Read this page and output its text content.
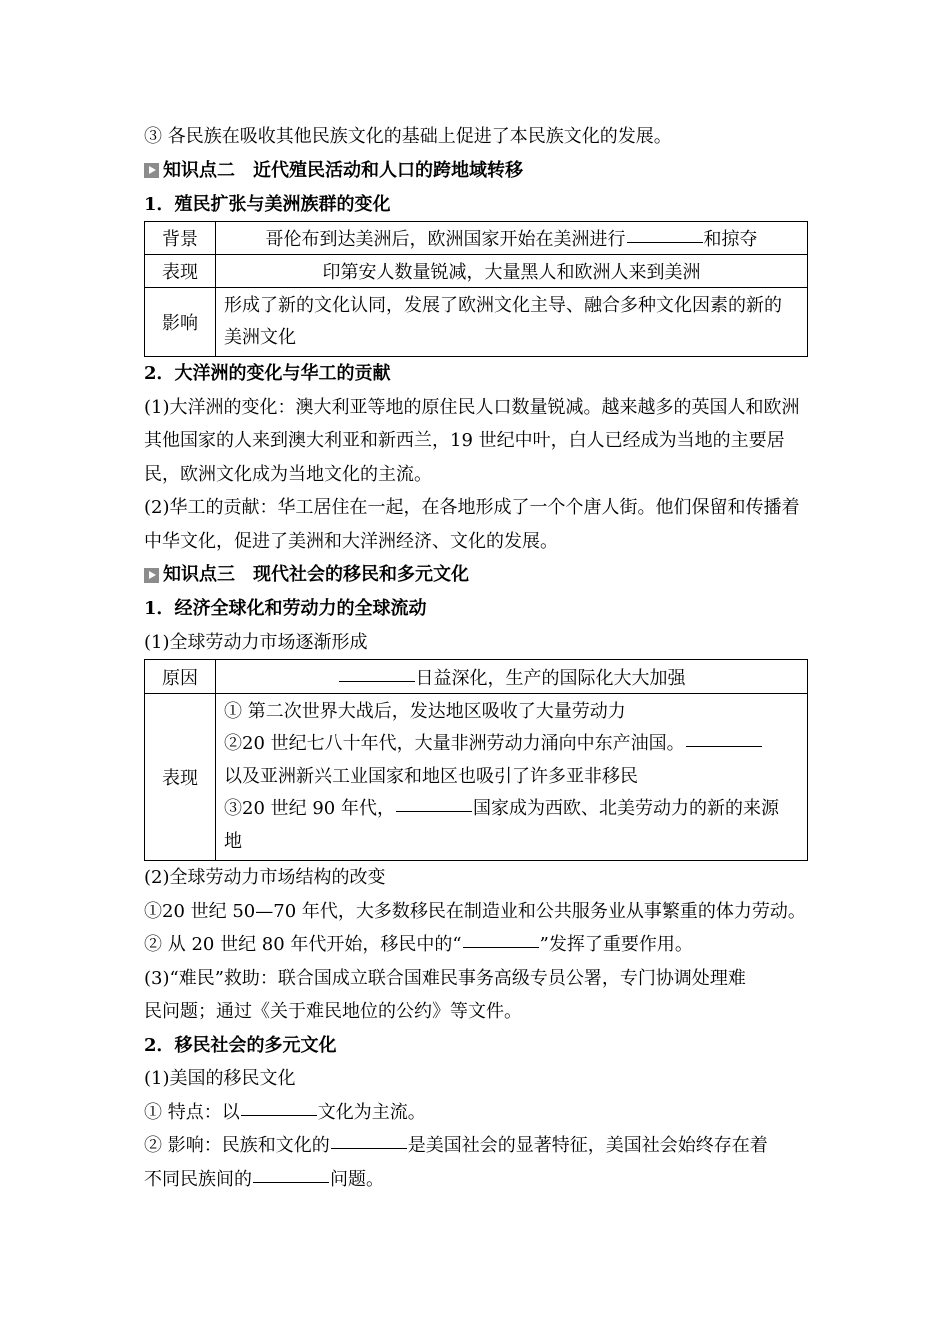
③ 各民族在吸收其他民族文化的基础上促进了本民族文化的发展。

知识点二　近代殖民活动和人口的跨地域转移

1．殖民扩张与美洲族群的变化

背景	哥伦布到达美洲后，欧洲国家开始在美洲进行 和掠夺
表现	印第安人数量锐减，大量黑人和欧洲人来到美洲
影响	形成了新的文化认同，发展了欧洲文化主导、融合多种文化因素的新的美洲文化

2．大洋洲的变化与华工的贡献

(1)大洋洲的变化：澳大利亚等地的原住民人口数量锐减。越来越多的英国人和欧洲其他国家的人来到澳大利亚和新西兰，19 世纪中叶，白人已经成为当地的主要居民，欧洲文化成为当地文化的主流。

(2)华工的贡献：华工居住在一起，在各地形成了一个个唐人街。他们保留和传播着中华文化，促进了美洲和大洋洲经济、文化的发展。

知识点三　现代社会的移民和多元文化

1．经济全球化和劳动力的全球流动

(1)全球劳动力市场逐渐形成

原因	日益深化，生产的国际化大大加强
表现	① 第二次世界大战后，发达地区吸收了大量劳动力
②20 世纪七八十年代，大量非洲劳动力涌向中东产油国。
以及亚洲新兴工业国家和地区也吸引了许多亚非移民
③20 世纪 90 年代， 国家成为西欧、北美劳动力的新的来源
地

(2)全球劳动力市场结构的改变

①20 世纪 50—70 年代，大多数移民在制造业和公共服务业从事繁重的体力劳动。

② 从 20 世纪 80 年代开始，移民中的“	”发挥了重要作用。

(3)“难民”救助：联合国成立联合国难民事务高级专员公署，专门协调处理难

民问题；通过《关于难民地位的公约》等文件。

2．移民社会的多元文化

(1)美国的移民文化

① 特点：以	文化为主流。

② 影响：民族和文化的	是美国社会的显著特征，美国社会始终存在着

不同民族间的	问题。
